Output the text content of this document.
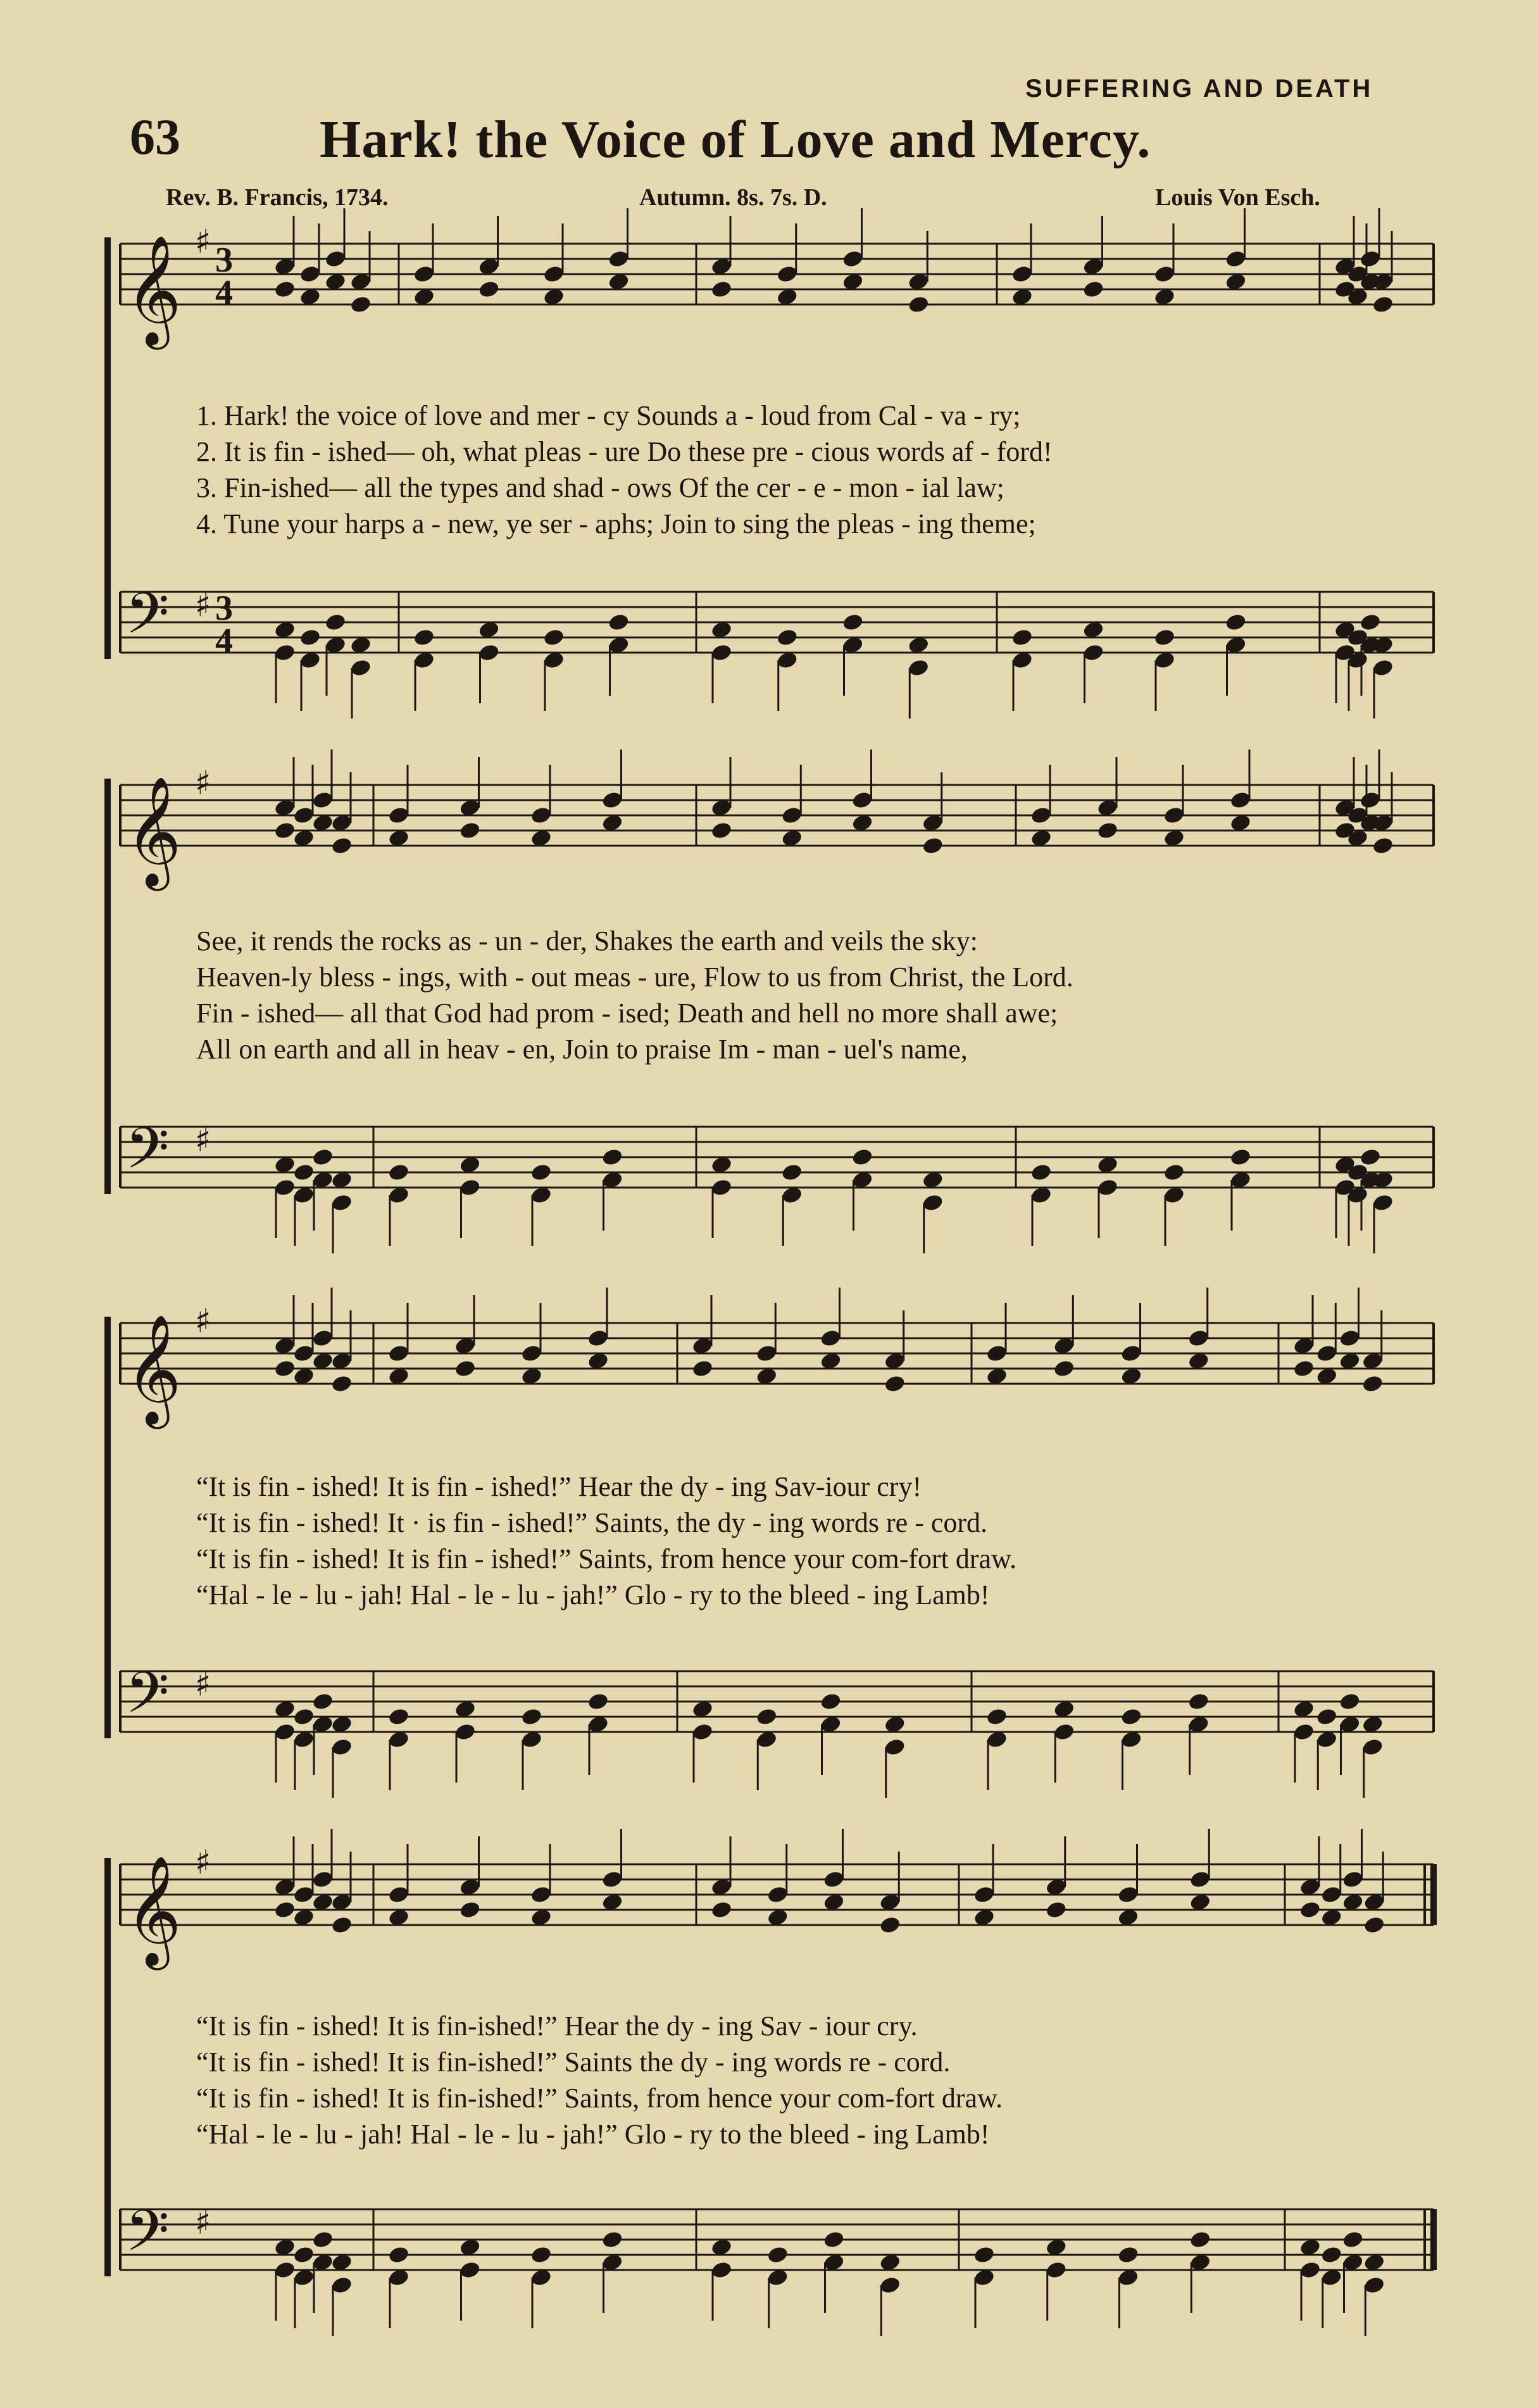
SUFFERING AND DEATH
63	Hark! the Voice of Love and Mercy.
Rev. B. Francis, 1734.	Autumn. 8s. 7s. D.	Louis Von Esch.
𝄞 ♯
𝄞 ♯
𝄞 ♯
𝄞 ♯
𝄢 ♯
𝄢 ♯
𝄢 ♯
𝄢 ♯
3
4
3
4
1. Hark! the voice of love and mer - cy Sounds a - loud from Cal - va - ry;
2. It is fin - ished— oh, what pleas - ure Do these pre - cious words af - ford!
3. Fin-ished— all the types and shad - ows Of the cer - e - mon - ial law;
4. Tune your harps a - new, ye ser - aphs; Join to sing the pleas - ing theme;
See, it rends the rocks as - un - der, Shakes the earth and veils the sky:
Heaven-ly bless - ings, with - out meas - ure, Flow to us from Christ, the Lord.
Fin - ished— all that God had prom - ised; Death and hell no more shall awe;
All on earth and all in heav - en, Join to praise Im - man - uel's name,
“It is fin - ished! It is fin - ished!” Hear the dy - ing Sav-iour cry!
“It is fin - ished! It · is fin - ished!” Saints, the dy - ing words re - cord.
“It is fin - ished! It is fin - ished!” Saints, from hence your com-fort draw.
“Hal - le - lu - jah! Hal - le - lu - jah!” Glo - ry to the bleed - ing Lamb!
“It is fin - ished! It is fin-ished!” Hear the dy - ing Sav - iour cry.
“It is fin - ished! It is fin-ished!” Saints the dy - ing words re - cord.
“It is fin - ished! It is fin-ished!” Saints, from hence your com-fort draw.
“Hal - le - lu - jah! Hal - le - lu - jah!” Glo - ry to the bleed - ing Lamb!
